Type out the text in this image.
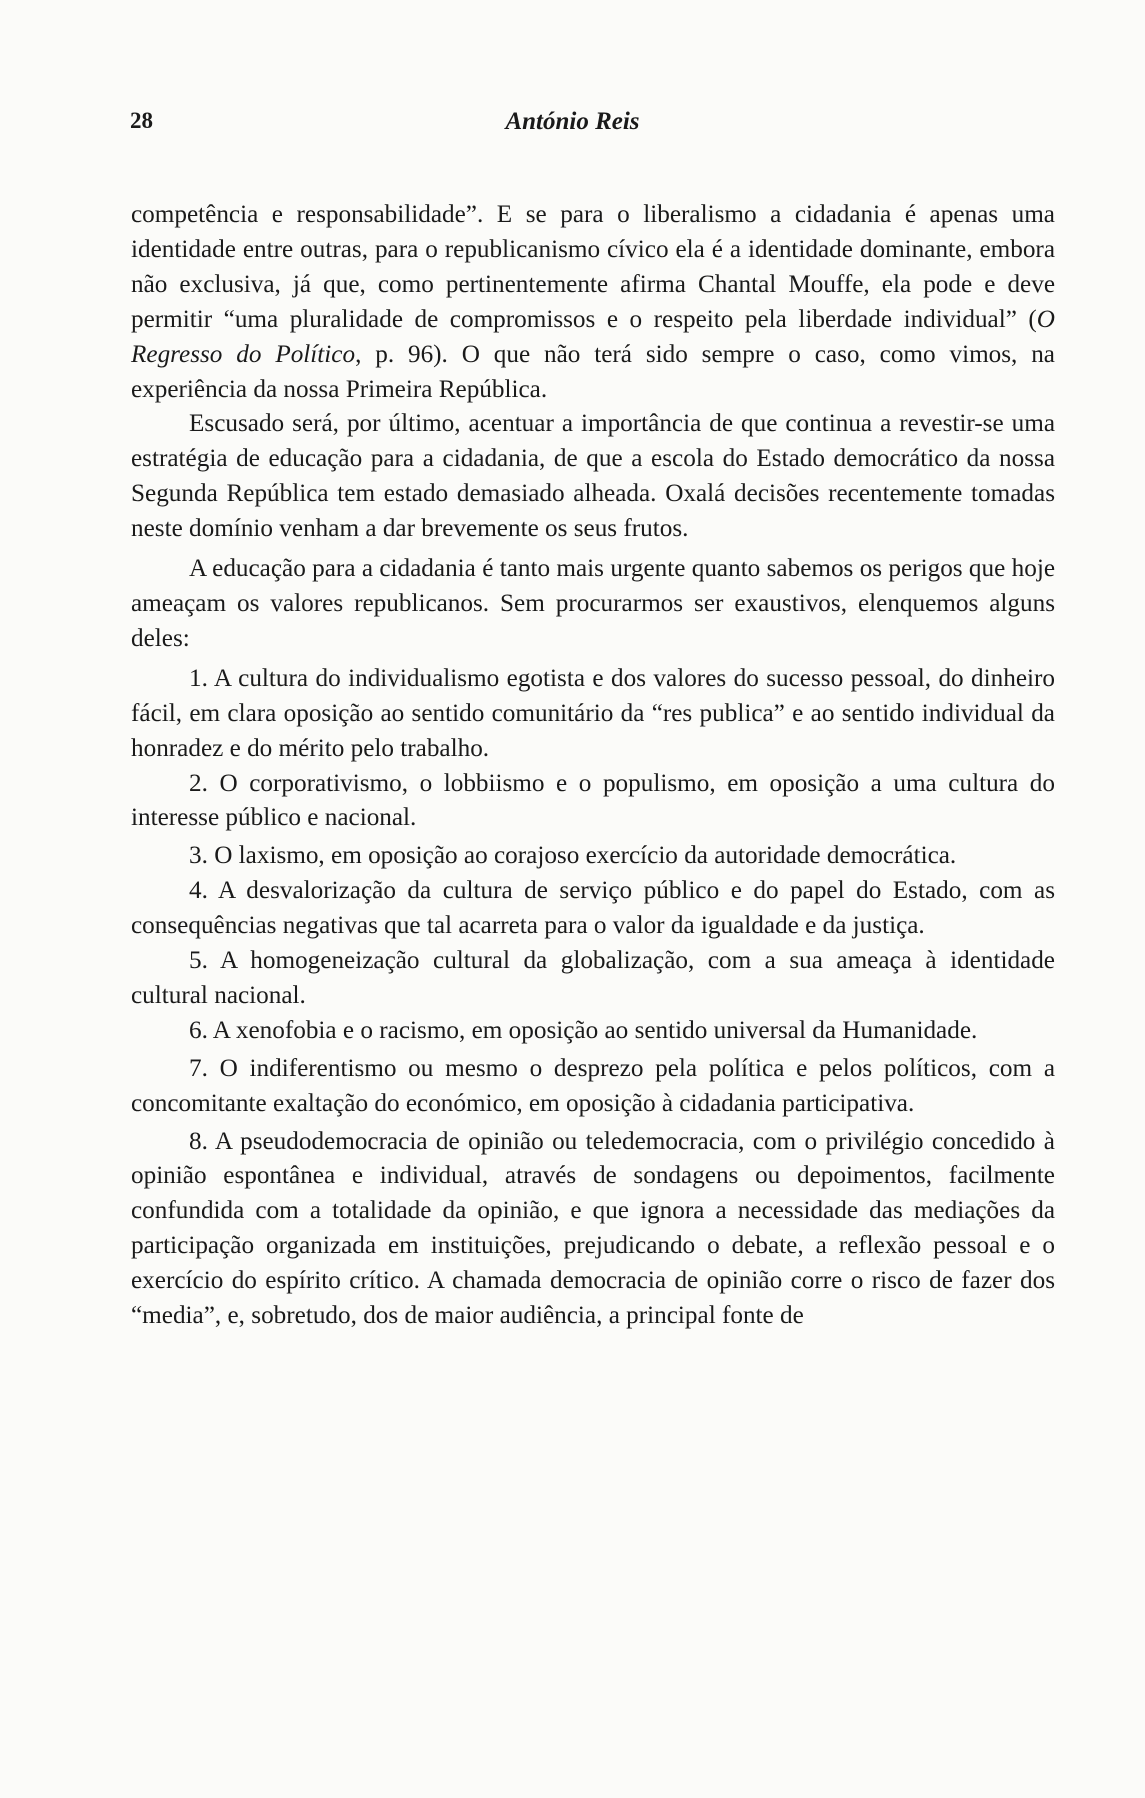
28	António Reis

competência e responsabilidade”. E se para o liberalismo a cidadania é apenas uma identidade entre outras, para o republicanismo cívico ela é a identidade dominante, embora não exclusiva, já que, como pertinentemente afirma Chantal Mouffe, ela pode e deve permitir “uma pluralidade de compromissos e o respeito pela liberdade individual” (O Regresso do Político, p. 96). O que não terá sido sempre o caso, como vimos, na experiência da nossa Primeira República.

Escusado será, por último, acentuar a importância de que continua a revestir-se uma estratégia de educação para a cidadania, de que a escola do Estado democrático da nossa Segunda República tem estado demasiado alheada. Oxalá decisões recentemente tomadas neste domínio venham a dar brevemente os seus frutos.

A educação para a cidadania é tanto mais urgente quanto sabemos os perigos que hoje ameaçam os valores republicanos. Sem procurarmos ser exaustivos, elenquemos alguns deles:

1. A cultura do individualismo egotista e dos valores do sucesso pessoal, do dinheiro fácil, em clara oposição ao sentido comunitário da “res publica” e ao sentido individual da honradez e do mérito pelo trabalho.

2. O corporativismo, o lobbiismo e o populismo, em oposição a uma cultura do interesse público e nacional.

3. O laxismo, em oposição ao corajoso exercício da autoridade democrática.

4. A desvalorização da cultura de serviço público e do papel do Estado, com as consequências negativas que tal acarreta para o valor da igualdade e da justiça.

5. A homogeneização cultural da globalização, com a sua ameaça à identidade cultural nacional.

6. A xenofobia e o racismo, em oposição ao sentido universal da Humanidade.

7. O indiferentismo ou mesmo o desprezo pela política e pelos políticos, com a concomitante exaltação do económico, em oposição à cidadania participativa.

8. A pseudodemocracia de opinião ou teledemocracia, com o privilégio concedido à opinião espontânea e individual, através de sondagens ou depoimentos, facilmente confundida com a totalidade da opinião, e que ignora a necessidade das mediações da participação organizada em instituições, prejudicando o debate, a reflexão pessoal e o exercício do espírito crítico. A chamada democracia de opinião corre o risco de fazer dos “media”, e, sobretudo, dos de maior audiência, a principal fonte de
